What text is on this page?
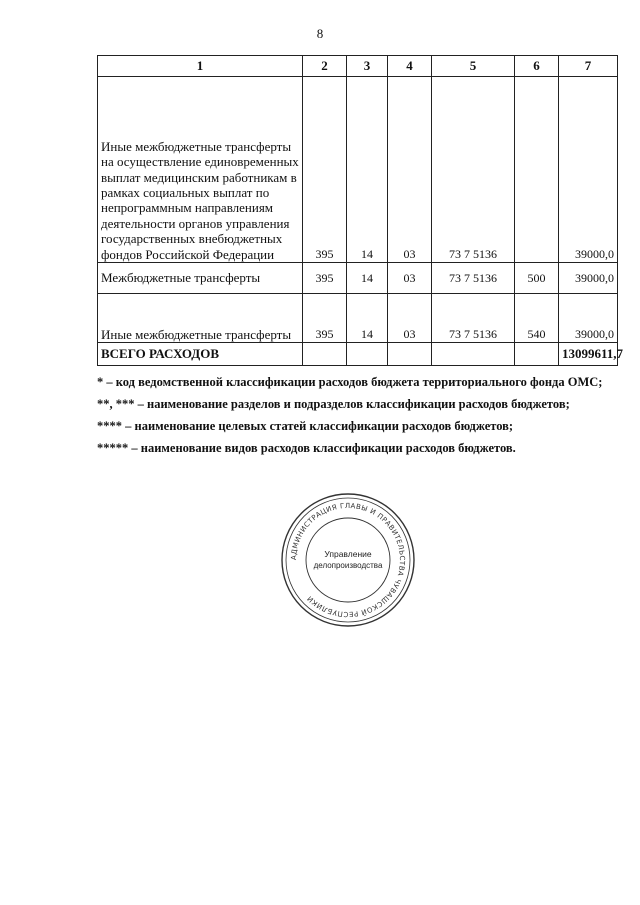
8
1	2	3	4	5	6	7
Иные межбюджетные трансферты на осуществление единовременных выплат медицинским работникам в рамках социальных выплат по непрограммным направлениям деятельности органов управления государственных внебюджетных фондов Российской Федерации	395	14	03	73 7 5136		39000,0
Межбюджетные трансферты	395	14	03	73 7 5136	500	39000,0
Иные межбюджетные трансферты	395	14	03	73 7 5136	540	39000,0
ВСЕГО РАСХОДОВ						13099611,7

* – код ведомственной классификации расходов бюджета территориального фонда ОМС;

**, *** – наименование разделов и подразделов классификации расходов бюджетов;

**** – наименование целевых статей классификации расходов бюджетов;

***** – наименование видов расходов классификации расходов бюджетов.

АДМИНИСТРАЦИЯ ГЛАВЫ И ПРАВИТЕЛЬСТВА ЧУВАШСКОЙ РЕСПУБЛИКИ
Управление
делопроизводства
